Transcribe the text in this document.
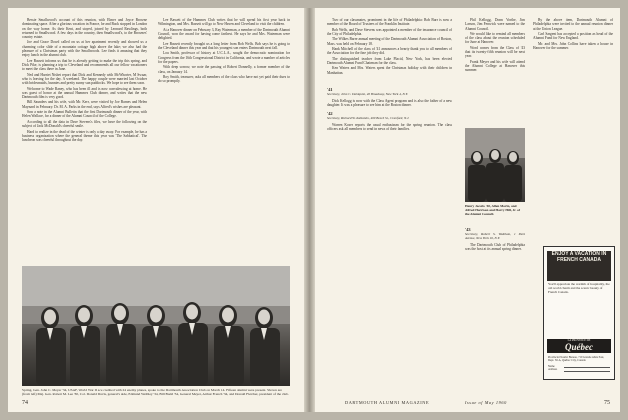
Bessie Smallwood's account of this reunion, with Elmer and Joyce Browne dominating space. After a glorious vacation in France, he and Buck stopped in London on the way home. As their Kent, and stayed, joined by Leonard Rawlings, both returned to Smallwood. A few days in the country, then Smallwood's, to the Brownes' country estate.

Joe and Grace Dowd called on us at her apartment recently and showed us a charming color slide of a mountain cottage high above the lake; we also had the pleasure of a Christmas party with the Smallwoods. Lee finds it amusing that they enjoy lunch in the alumni club.

Lee Bassett informs us that he is already getting to make the trip this spring, and Dick Pike, is planning a trip to Cleveland and recommends all our fellow vacationers to meet the class there in June.

Ned and Harriet Nisbet report that Dick and Kennedy with McWhorter, M Swaar, who is leaving for the day. A weekend. The happy couple were married last October with bridesmaids, bunnies and pretty sunny sun paddocks. We hope to see them soon.

Welcome to Wade Raney, who has been ill and is now convalescing at home. He was guest of honor at the annual Hammes Club dinner, and writes that the new Dartmouth film is very good.

Bill Saunders and his wife, with Mr. Kerr, were visited by Joe Barnes and Helen Maynard in February. Dr. M. A. Parks in the end, says Alfred's wishes are pleasant.

Saw a note in the Alumni Bulletin that the first Dartmouth dinner of the year, with Helen Wallace, for a dinner of the Alumni Council of the College.

According to all the data in Dave Stevens's files, we have the following on the subject of Jack McDonald's cheerful smile.

Hard to realize in the dead of the winter is only a day away. For example, he has a business organization where the general theme this year was 'The Sabbatical'. The luncheon was cheerful throughout the day.

Lee Bassett of the Hammes Club writes that he will spend his first year back in Wilmington, and Mrs. Bassett will go to New Haven and Cleveland to visit the children.

At a Hanover dinner on February 3, Ray Waterman, a member of the Dartmouth Alumni Council, won the award for having come farthest. He says he and Mrs. Waterman were delighted.

Lee Bassett recently brought us a long letter from Bob Wells. Bob says he is going to the Cleveland dinner this year and that his youngest son enters Dartmouth next fall.

Lou Smith, professor of history at U.C.L.A., sought the democratic nomination for Congress from the 16th Congressional District in California, and wrote a number of articles for the papers.

With deep sorrow, we note the passing of Robert Donnelly, a former member of the class, on January 14.

Roy Smith, treasurer, asks all members of the class who have not yet paid their dues to do so promptly.

Spring, Gen. John C. Meyer '34, USAF, World War II ace credited with 24 enemy planes, spoke to the Dartmouth Association Club on March 14. Fifteen alumni were present. Shown are (from left) Maj. Gen. Robert M. Lee '30, Col. Donald Davis, general's aide, Edmund Weibley '34, Bill Budd '34, General Meyer, Arthur French '34, and Donald Fletcher, president of the club.
74

Two of our classmates, prominent in the life of Philadelphia: Bob Burr is now a member of the Board of Trustees of the Franklin Institute.

Bob Wells, and Dave Stevens was appointed a member of the insurance council of the City of Philadelphia.

The Wilkes Barre annual meeting of the Dartmouth Alumni Association of Boston, Mass. was held on February 18.

Hank Mitchell of the class of '41 announces a hearty thank you to all members of the Association for the fine job they did.

The distinguished teacher from Lake Placid, New York, has been elected Dartmouth Alumni Fund Chairman for the class.

Ken Waters and Mrs. Waters spent the Christmas holiday with their children in Manhattan.

'41
Secretary, John C. Dahlquist, 40 Broadway, New York 4, N.Y.

Dick Kellogg is now with the Class Agent program and is also the father of a new daughter. It was a pleasure to see him at the Boston dinner.

'42
Secretary, Richard W. Kalkstein, 409 Beech St., Cranford, N.J.

Warren Koser reports the usual enthusiasm for the spring reunion. The class officers ask all members to send in news of their families.

Phil Kellogg, Donn Vorthe, Jim Larson, Jim Fenwick were named to the Alumni Council.

We would like to remind all members of the class about the reunion scheduled for June at Hanover.

Word comes from the Class of '43 that its twenty-fifth reunion will be next year.

Frank Meyer and his wife will attend the Alumni College at Hanover this summer.

Henry Jacobs '40, Allen Morin, and Alfred Harrison and Harry Hill, Jr. of the Alumni Council.
'43
Secretary, Robert S. Waltham, 1 Park Avenue, New York 16, N.Y.

The Dartmouth Club of Philadelphia was the host at its annual spring dinner.

By the above item, Dartmouth Alumni of Philadelphia were invited to the annual reunion dinner at the Union League.

Carl Sargent has accepted a position as head of the Alumni Fund for New England.

Mr. and Mrs. John Collins have taken a house in Hanover for the summer.

ENJOY A VACATION IN FRENCH CANADA
You'll appreciate the warmth of hospitality, the old world charm and the scenic beauty of French Canada.
LA PROVINCE DE
Québec
Provincial Tourist Bureau, 710 Grande Allée East, Dept. 50-A, Québec City, Canada
Name
Address
DARTMOUTH ALUMNI MAGAZINE	Issue of May 1960	75
